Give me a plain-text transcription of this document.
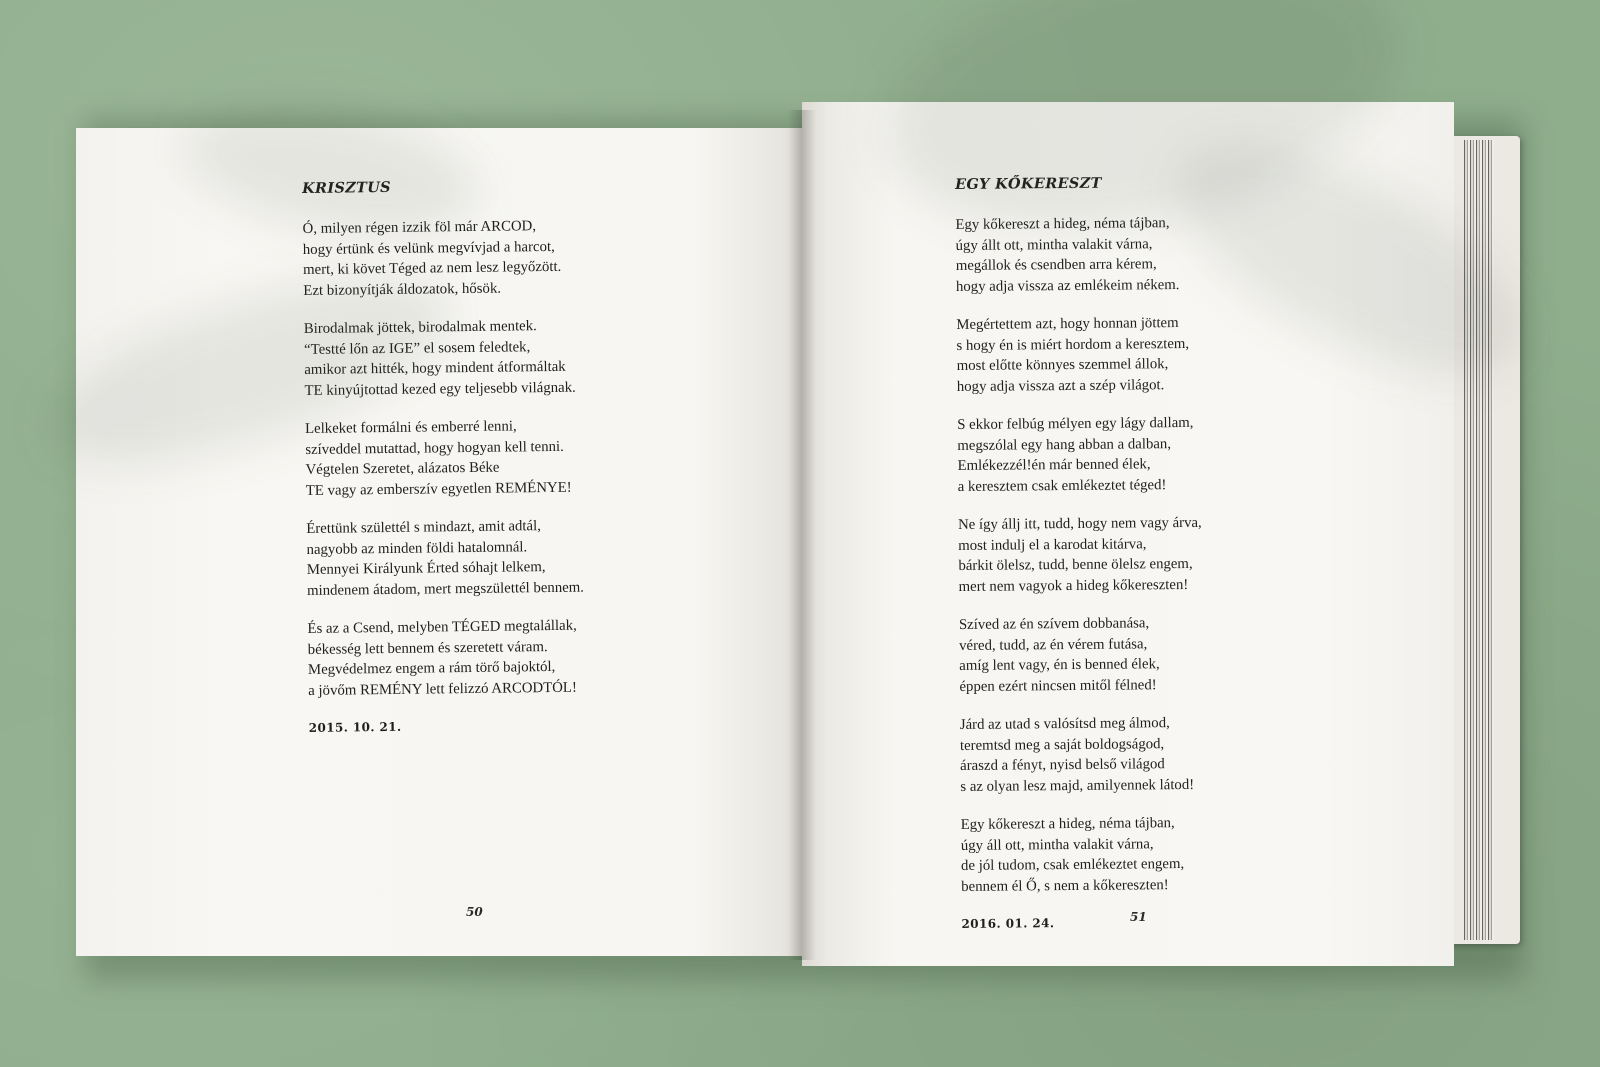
KRISZTUS
Ó, milyen régen izzik föl már ARCOD,
hogy értünk és velünk megvívjad a harcot,
mert, ki követ Téged az nem lesz legyőzött.
Ezt bizonyítják áldozatok, hősök.
Birodalmak jöttek, birodalmak mentek.
“Testté lőn az IGE” el sosem feledtek,
amikor azt hitték, hogy mindent átformáltak
TE kinyújtottad kezed egy teljesebb világnak.
Lelkeket formálni és emberré lenni,
szíveddel mutattad, hogy hogyan kell tenni.
Végtelen Szeretet, alázatos Béke
TE vagy az emberszív egyetlen REMÉNYE!
Érettünk születtél s mindazt, amit adtál,
nagyobb az minden földi hatalomnál.
Mennyei Királyunk Érted sóhajt lelkem,
mindenem átadom, mert megszülettél bennem.
És az a Csend, melyben TÉGED megtalállak,
békesség lett bennem és szeretett váram.
Megvédelmez engem a rám törő bajoktól,
a jövőm REMÉNY lett felizzó ARCODTÓL!
2015. 10. 21.
EGY KŐKERESZT
Egy kőkereszt a hideg, néma tájban,
úgy állt ott, mintha valakit várna,
megállok és csendben arra kérem,
hogy adja vissza az emlékeim nékem.
Megértettem azt, hogy honnan jöttem
s hogy én is miért hordom a keresztem,
most előtte könnyes szemmel állok,
hogy adja vissza azt a szép világot.
S ekkor felbúg mélyen egy lágy dallam,
megszólal egy hang abban a dalban,
Emlékezzél!én már benned élek,
a keresztem csak emlékeztet téged!
Ne így állj itt, tudd, hogy nem vagy árva,
most indulj el a karodat kitárva,
bárkit ölelsz, tudd, benne ölelsz engem,
mert nem vagyok a hideg kőkereszten!
Szíved az én szívem dobbanása,
véred, tudd, az én vérem futása,
amíg lent vagy, én is benned élek,
éppen ezért nincsen mitől félned!
Járd az utad s valósítsd meg álmod,
teremtsd meg a saját boldogságod,
áraszd a fényt, nyisd belső világod
s az olyan lesz majd, amilyennek látod!
Egy kőkereszt a hideg, néma tájban,
úgy áll ott, mintha valakit várna,
de jól tudom, csak emlékeztet engem,
bennem él Ő, s nem a kőkereszten!
2016. 01. 24.
50	51
